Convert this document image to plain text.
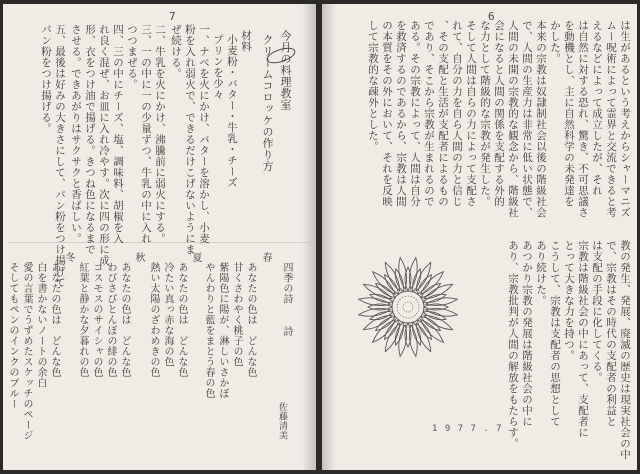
7
今月の料理教室
クリームコロッケの作り方
材料
小麦粉・バター・牛乳・チーズ
プリンを少々
一、ナベを火にかけ、バターを溶かし、小麦
粉を入れ弱火で、できるだけこげないようにま
ぜ続ける。
二、牛乳を火にかけ、沸騰前に弱火にする。
三、一の中に一の少量ずつ、牛乳の中に入れ
つつまぜる。
四、三の中にチーズ、塩、調味料、胡椒を入
れ良く混ぜ、お皿に入れ冷やす。次に四の形に成
形、衣をつけ油で揚げる。きつね色になるまで
させる。できあがりはサクサクと香ばしい。
五、最後は好みの大きさにして、パン粉をつけ揚げて
パン粉をつけ揚げる。
四季の詩
詩
佐藤清美
春
あなたの色は　どんな色
甘くさわやく桃子の色
紫陽色に陽が、淋しいさかぼ
やんわりと藍をまとう春の色
夏
あなたの色は　どんな色
冷たい真っ赤な海の色
熱い太陽のざわめきの色
秋
あなたの色は　どんな色
わびさびとんぼの緋の色
コスモスのサイシャの色
紅葉と静かな夕暮れの色
冬
あなたの色は　どんな色
白を書かないノートの余白
愛の言葉でうずめたスケッチのページ
そしてもペンのインクのブルー
6
は生があるという考えからシャーマニズ
ムー呪術によって霊界と交流できると考
えるなどによって成立したが、それ
は自然に対する恐れ、驚き、不可思議さ
を動機とし、主に自然科学の未発達を
かした。
本来の宗教は奴隷制社会以後の階級社会
で、人間の生産力は非常に低い状態で、
人間の未開の宗教的な観念から、階級社
会になると人間の関係を支配する外的
な力として階級的な宗教が発生した。
そして人間は自らの力によって支配さ
れて、自分の力を自ら人間の力と信じ
、その支配と生活が支配者によるもの
であり、そこから宗教が生まれるので
ある。その宗教によって、人間は自分
を救済するのであるから、宗教は人間
の本質をその外において、それを反映
して宗教的な疎外とした。
教の発生、発展、廃滅の歴史は現実社会の中
で、宗教はその時代の支配者の利益と
は支配の手段に化してくる。
宗教は階級社会の中にあって、支配者に
とって大きな力を持つ。
こうして、宗教は支配者の思想として
あり続けた。
あつかり宗教の発展は階級社会の中に
あり、宗教批判が人間の解放をもたらす。
1 9 7 7 . 7
